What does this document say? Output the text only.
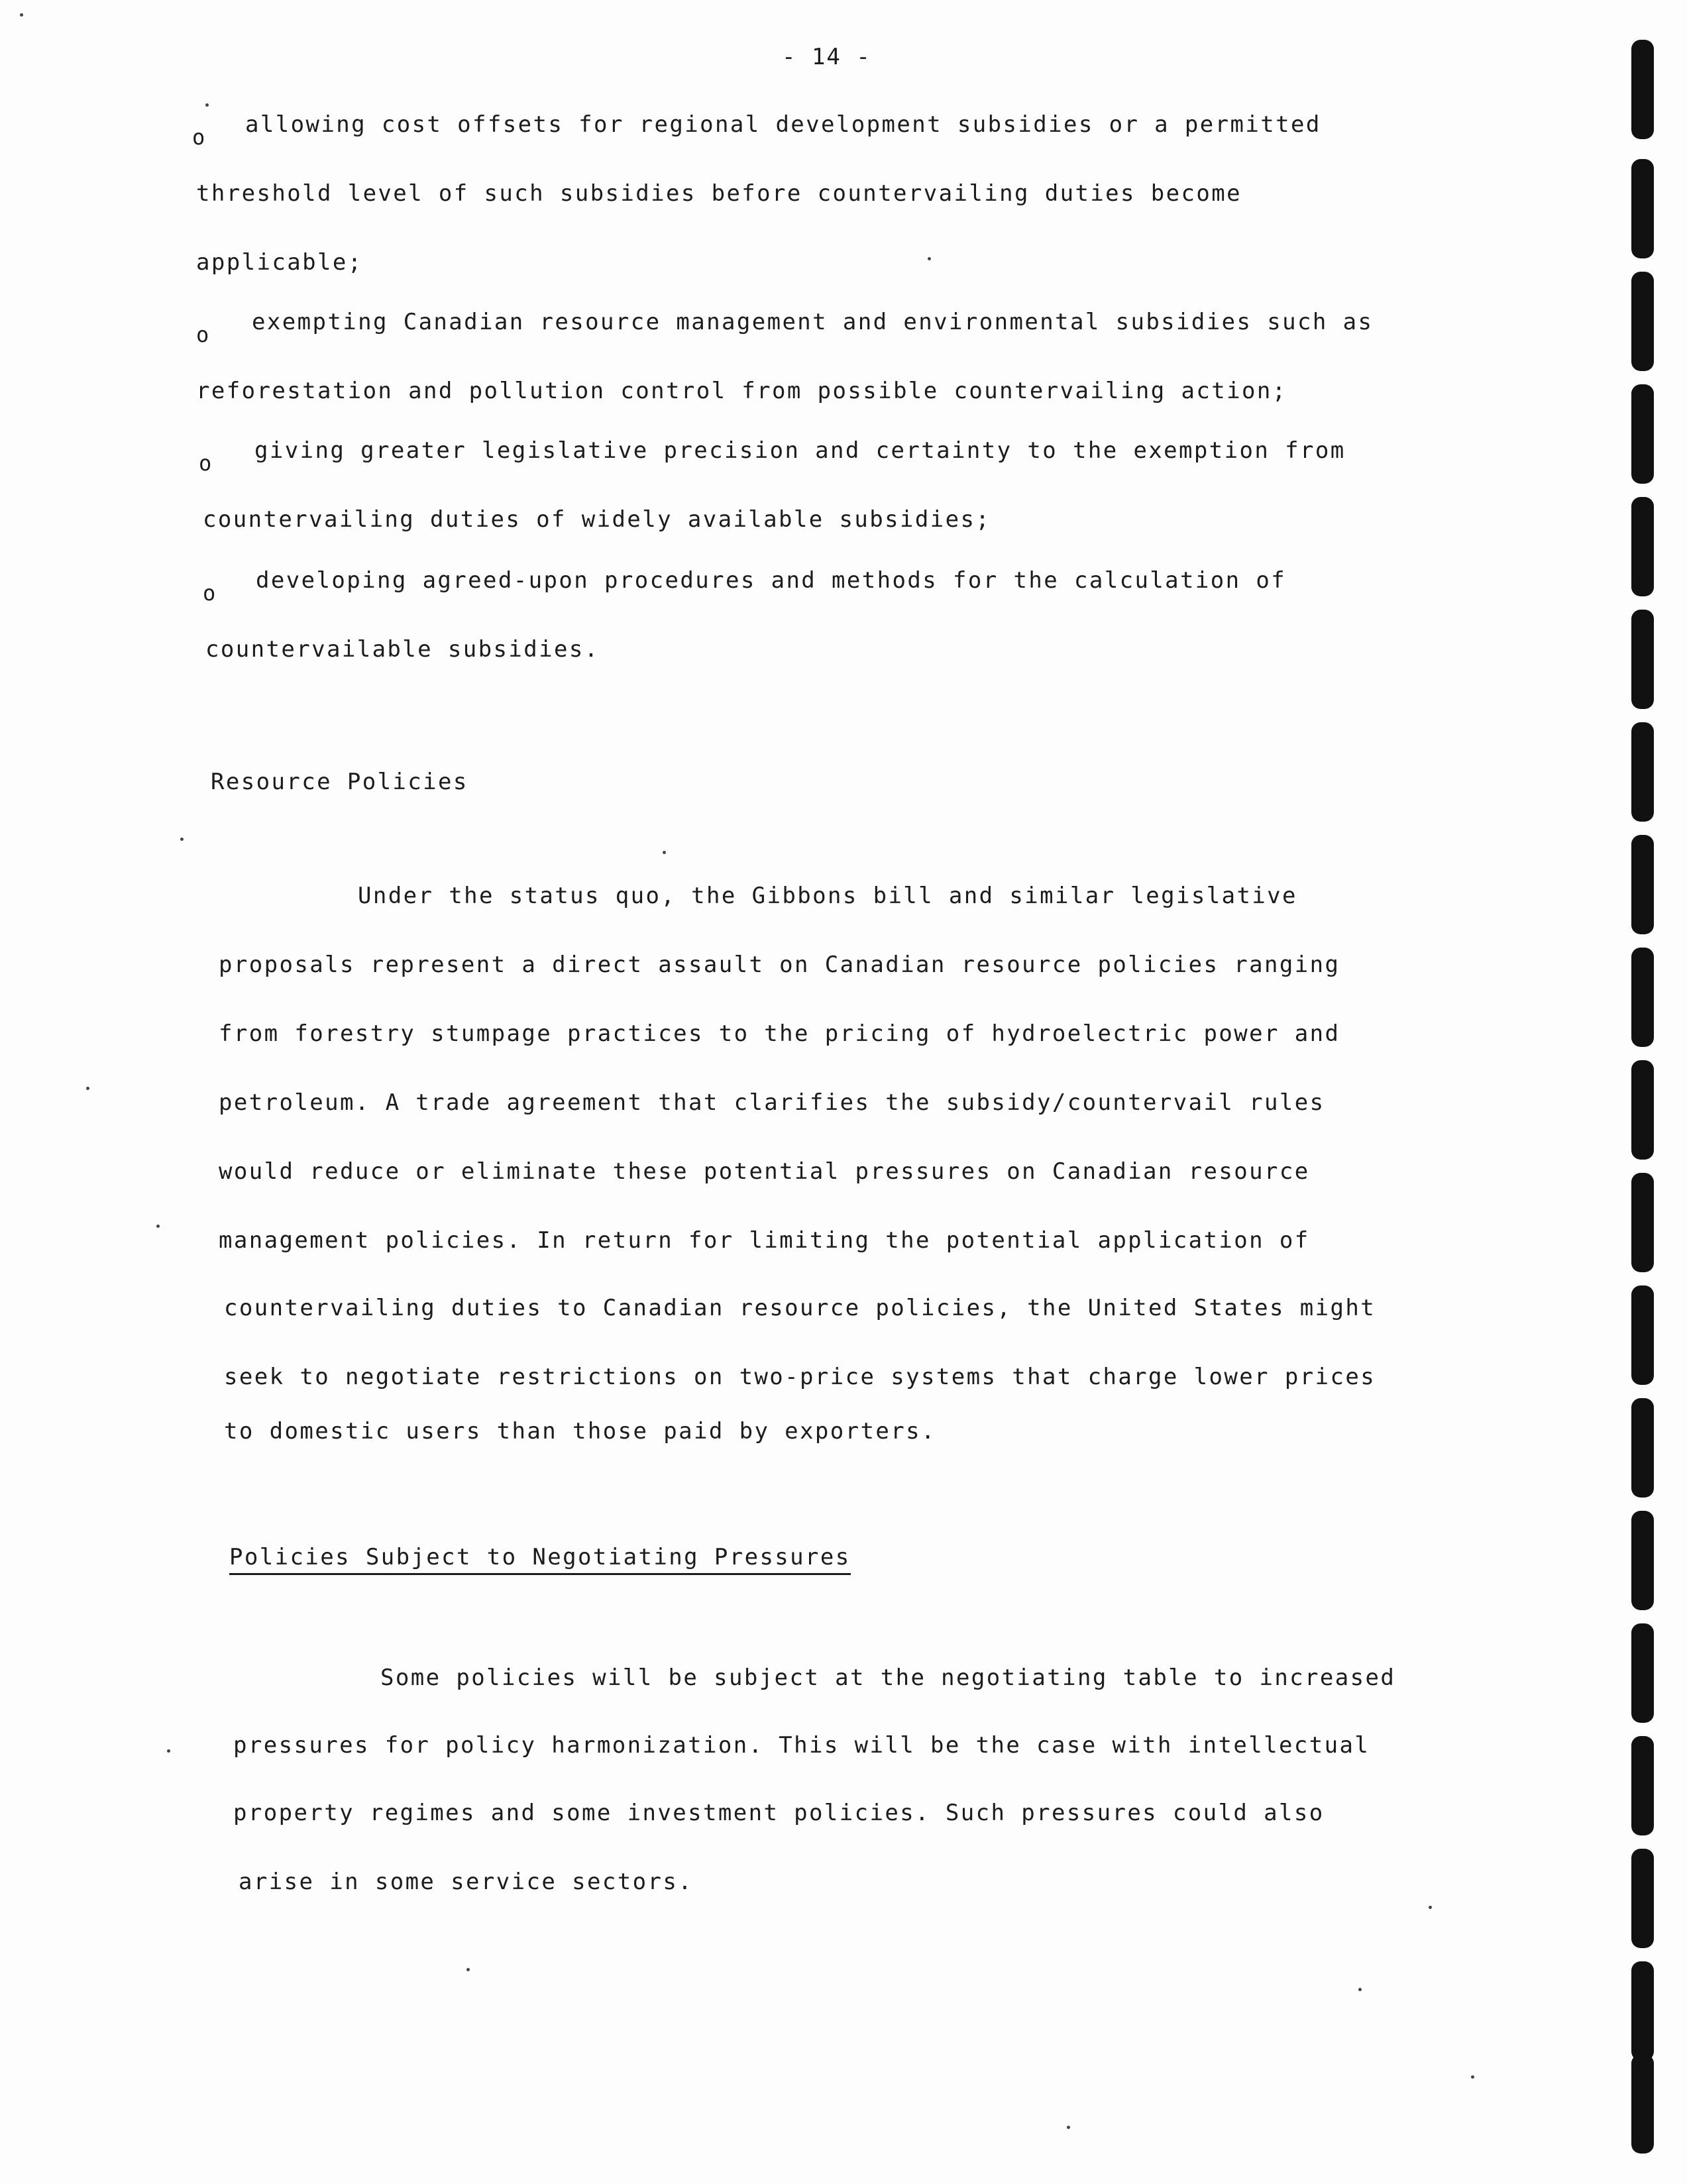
- 14 -
o allowing cost offsets for regional development subsidies or a permitted
threshold level of such subsidies before countervailing duties become
applicable;
o exempting Canadian resource management and environmental subsidies such as
reforestation and pollution control from possible countervailing action;
o giving greater legislative precision and certainty to the exemption from
countervailing duties of widely available subsidies;
o developing agreed-upon procedures and methods for the calculation of
countervailable subsidies.
Resource Policies
Under the status quo, the Gibbons bill and similar legislative
proposals represent a direct assault on Canadian resource policies ranging
from forestry stumpage practices to the pricing of hydroelectric power and
petroleum. A trade agreement that clarifies the subsidy/countervail rules
would reduce or eliminate these potential pressures on Canadian resource
management policies. In return for limiting the potential application of
countervailing duties to Canadian resource policies, the United States might
seek to negotiate restrictions on two-price systems that charge lower prices
to domestic users than those paid by exporters.
Policies Subject to Negotiating Pressures
Some policies will be subject at the negotiating table to increased
pressures for policy harmonization. This will be the case with intellectual
property regimes and some investment policies. Such pressures could also
arise in some service sectors.
